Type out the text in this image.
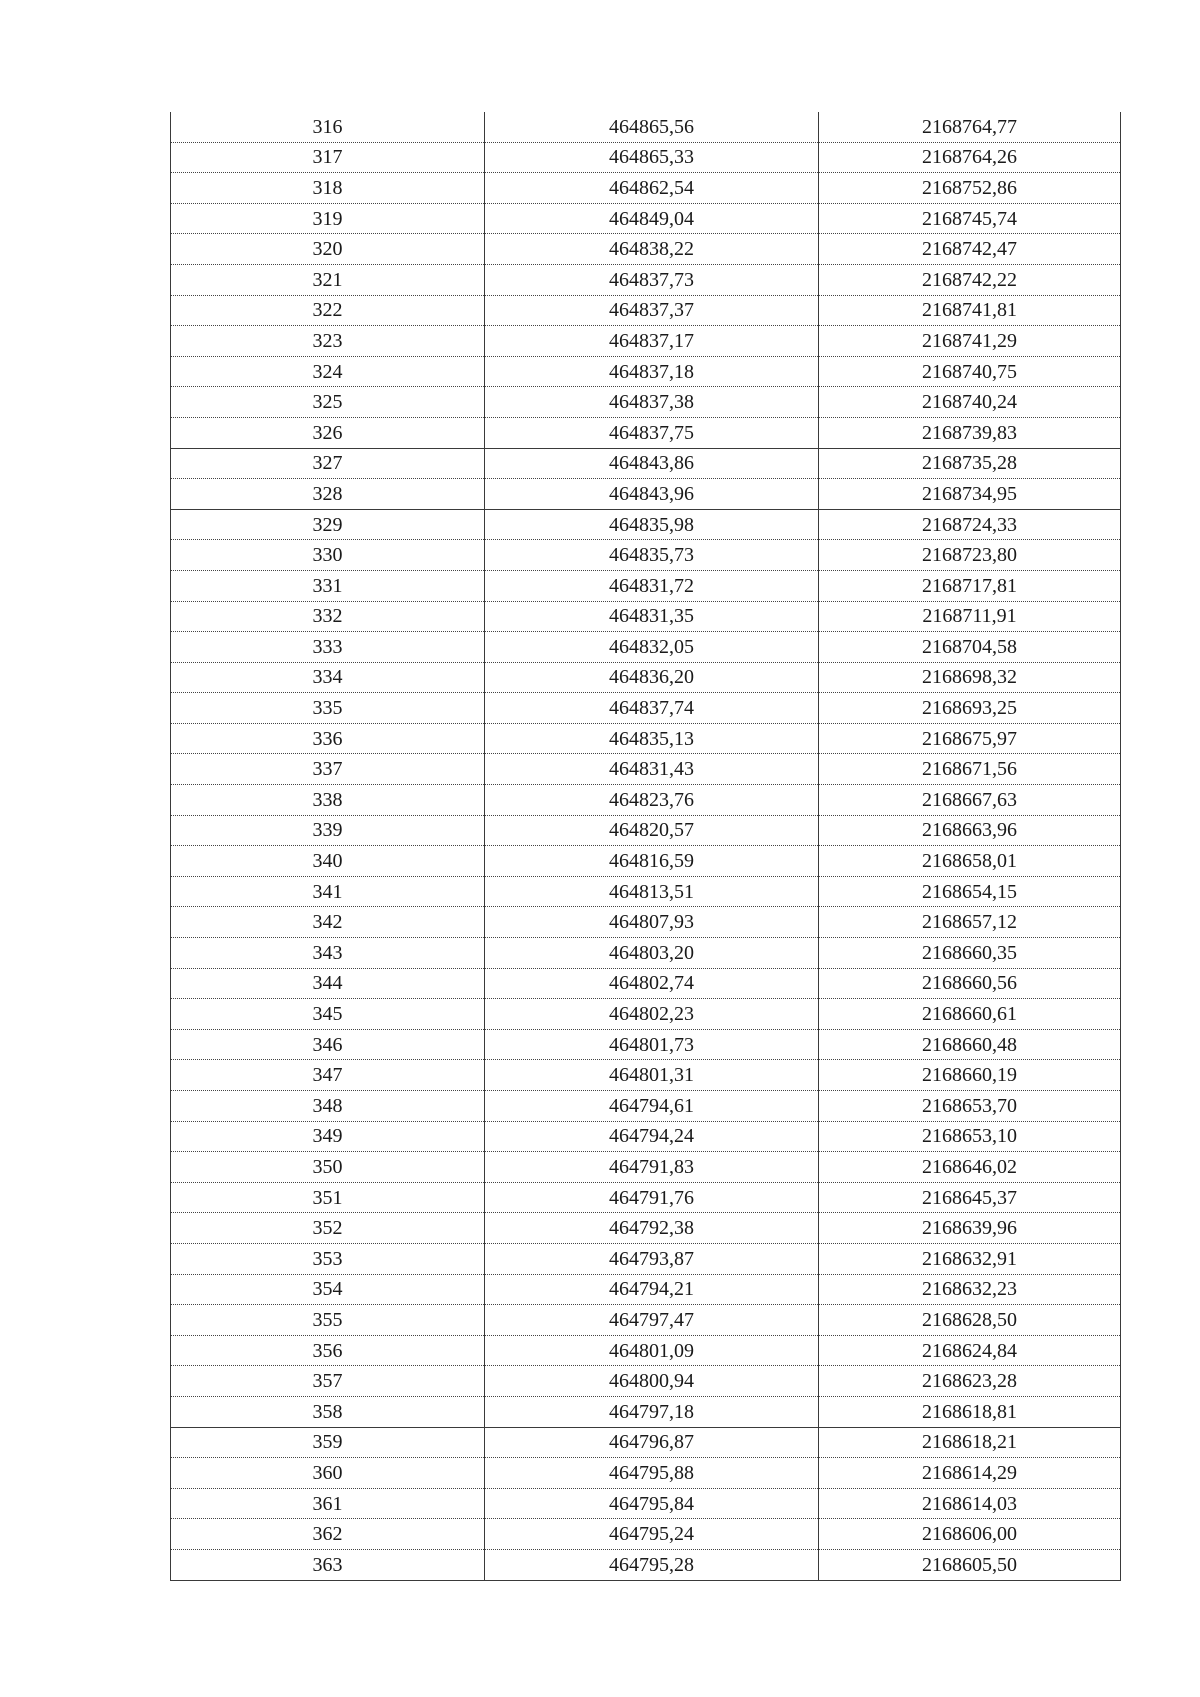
316	464865,56	2168764,77
317	464865,33	2168764,26
318	464862,54	2168752,86
319	464849,04	2168745,74
320	464838,22	2168742,47
321	464837,73	2168742,22
322	464837,37	2168741,81
323	464837,17	2168741,29
324	464837,18	2168740,75
325	464837,38	2168740,24
326	464837,75	2168739,83
327	464843,86	2168735,28
328	464843,96	2168734,95
329	464835,98	2168724,33
330	464835,73	2168723,80
331	464831,72	2168717,81
332	464831,35	2168711,91
333	464832,05	2168704,58
334	464836,20	2168698,32
335	464837,74	2168693,25
336	464835,13	2168675,97
337	464831,43	2168671,56
338	464823,76	2168667,63
339	464820,57	2168663,96
340	464816,59	2168658,01
341	464813,51	2168654,15
342	464807,93	2168657,12
343	464803,20	2168660,35
344	464802,74	2168660,56
345	464802,23	2168660,61
346	464801,73	2168660,48
347	464801,31	2168660,19
348	464794,61	2168653,70
349	464794,24	2168653,10
350	464791,83	2168646,02
351	464791,76	2168645,37
352	464792,38	2168639,96
353	464793,87	2168632,91
354	464794,21	2168632,23
355	464797,47	2168628,50
356	464801,09	2168624,84
357	464800,94	2168623,28
358	464797,18	2168618,81
359	464796,87	2168618,21
360	464795,88	2168614,29
361	464795,84	2168614,03
362	464795,24	2168606,00
363	464795,28	2168605,50
